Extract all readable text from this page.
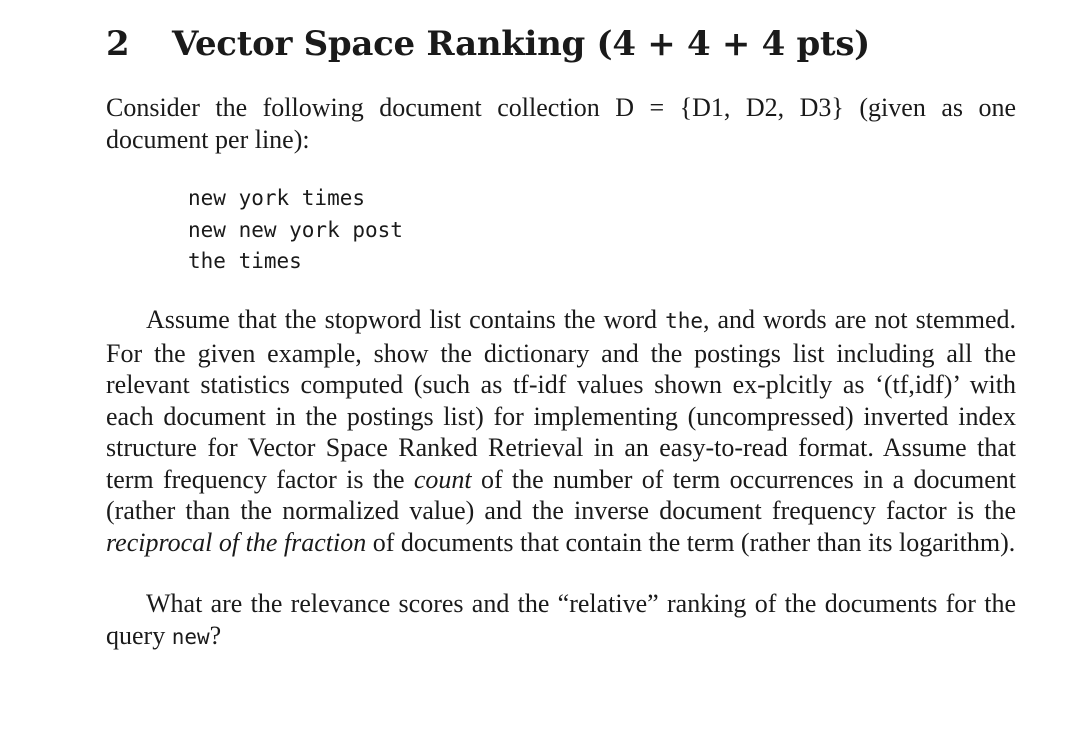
2 Vector Space Ranking (4 + 4 + 4 pts)
Consider the following document collection D = {D1, D2, D3} (given as one document per line):
new york times
new new york post
the times
Assume that the stopword list contains the word the, and words are not stemmed. For the given example, show the dictionary and the postings list including all the relevant statistics computed (such as tf-idf values shown ex-plcitly as ‘(tf,idf)’ with each document in the postings list) for implementing (uncompressed) inverted index structure for Vector Space Ranked Retrieval in an easy-to-read format. Assume that term frequency factor is the count of the number of term occurrences in a document (rather than the normalized value) and the inverse document frequency factor is the reciprocal of the fraction of documents that contain the term (rather than its logarithm).
What are the relevance scores and the “relative” ranking of the documents for the query new?
